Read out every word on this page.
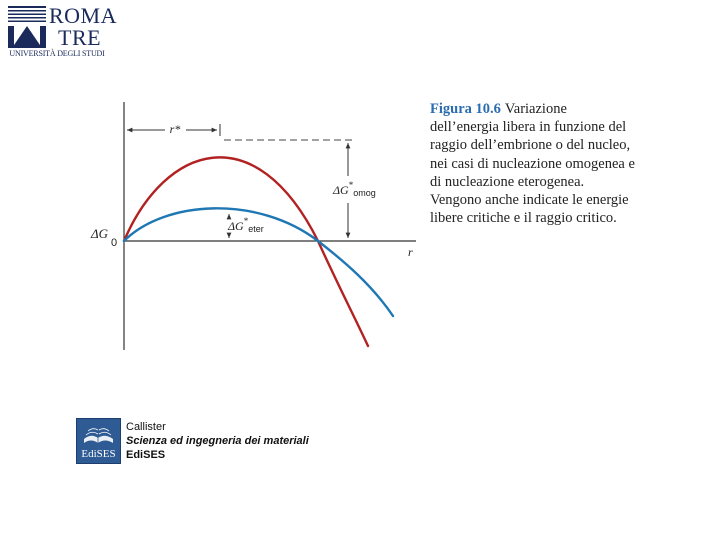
ROMA
TRE
UNIVERSITÀ DEGLI STUDI
r*
$\Delta G^*_{omog}$
$\Delta G^*_{eter}$
ΔG
0
r
Figura 10.6 Variazione dell’energia libera in funzione del raggio dell’embrione o del nucleo, nei casi di nucleazione omogenea e di nucleazione eterogenea. Vengono anche indicate le energie libere critiche e il raggio critico.
EdiSES
Callister
Scienza ed ingegneria dei materiali
EdiSES
